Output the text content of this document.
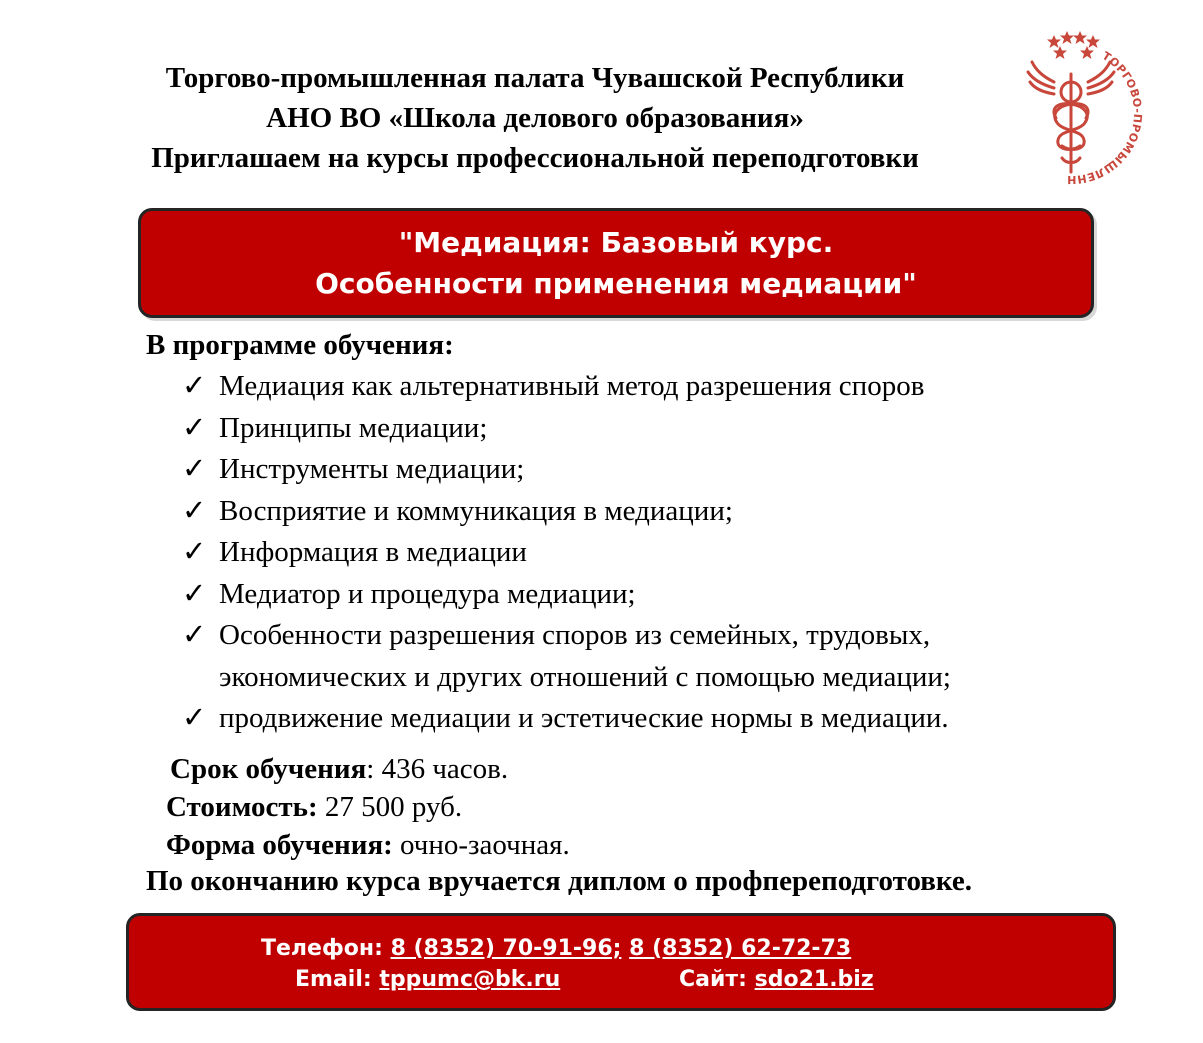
Торгово-промышленная палата Чувашской Республики
АНО ВО «Школа делового образования»
Приглашаем на курсы профессиональной переподготовки
ТОРГОВО-ПРОМЫШЛЕНН
"Медиация: Базовый курс.
Особенности применения медиации"
В программе обучения:
✓ Медиация как альтернативный метод разрешения споров
✓ Принципы медиации;
✓ Инструменты медиации;
✓ Восприятие и коммуникация в медиации;
✓ Информация в медиации
✓ Медиатор и процедура медиации;
✓ Особенности разрешения споров из семейных, трудовых, экономических и других отношений с помощью медиации;
✓ продвижение медиации и эстетические нормы в медиации.
Срок обучения: 436 часов.
Стоимость: 27 500 руб.
Форма обучения: очно-заочная.
По окончанию курса вручается диплом о профпереподготовке.
Телефон: 8 (8352) 70-91-96; 8 (8352) 62-72-73
Email: tppumc@bk.ru	Сайт: sdo21.biz
